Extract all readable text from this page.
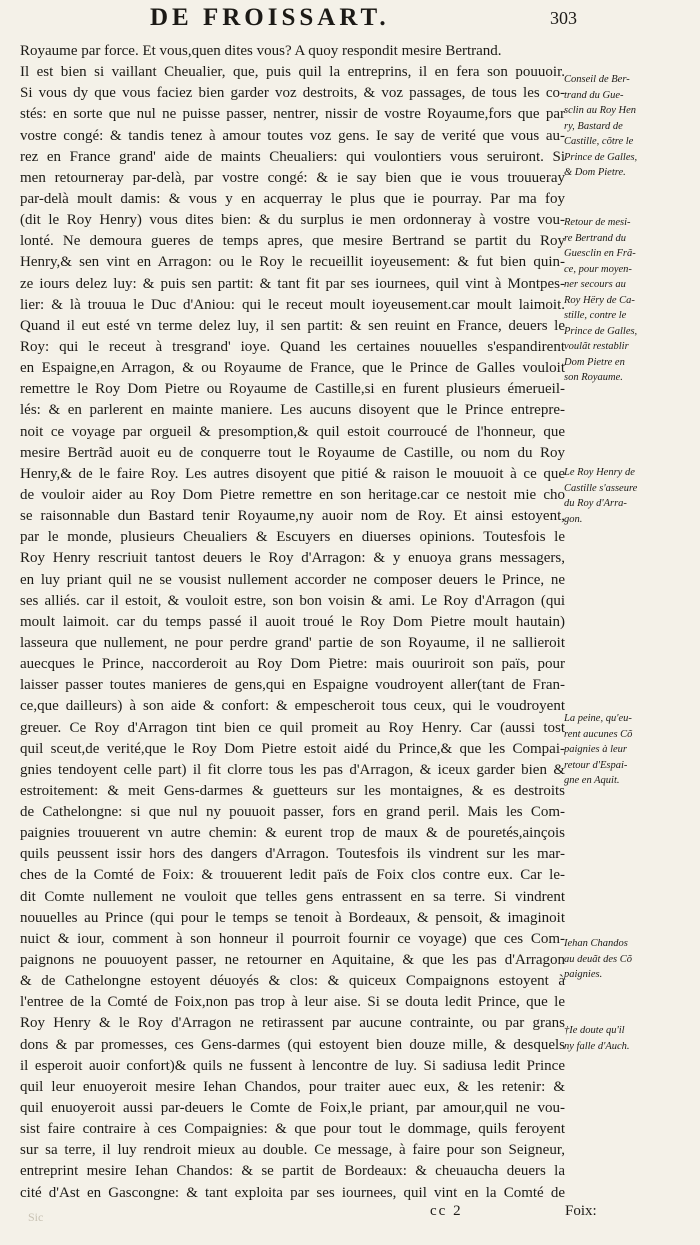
DE FROISSART.	303
Royaume par force. Et vous,quen dites vous? A quoy respondit mesire Bertrand.
Il est bien si vaillant Cheualier, que, puis quil la entreprins, il en fera son pouuoir.
Si vous dy que vous faciez bien garder voz destroits, & voz passages, de tous les co-
stés: en sorte que nul ne puisse passer, nentrer, nissir de vostre Royaume,fors que par
vostre congé: & tandis tenez à amour toutes voz gens. Ie say de verité que vous au-
rez en France grand' aide de maints Cheualiers: qui voulontiers vous seruiront. Si
men retourneray par-delà, par vostre congé: & ie say bien que ie vous trouueray
par-delà moult damis: & vous y en acquerray le plus que ie pourray. Par ma foy
(dit le Roy Henry) vous dites bien: & du surplus ie men ordonneray à vostre vou-
lonté. Ne demoura gueres de temps apres, que mesire Bertrand se partit du Roy
Henry,& sen vint en Arragon: ou le Roy le recueillit ioyeusement: & fut bien quin-
ze iours delez luy: & puis sen partit: & tant fit par ses iournees, quil vint à Montpes-
lier: & là trouua le Duc d'Aniou: qui le receut moult ioyeusement.car moult laimoit.
Quand il eut esté vn terme delez luy, il sen partit: & sen reuint en France, deuers le
Roy: qui le receut à tresgrand' ioye. Quand les certaines nouuelles s'espandirent
en Espaigne,en Arragon, & ou Royaume de France, que le Prince de Galles vouloit
remettre le Roy Dom Pietre ou Royaume de Castille,si en furent plusieurs émerueil-
lés: & en parlerent en mainte maniere. Les aucuns disoyent que le Prince entrepre-
noit ce voyage par orgueil & presomption,& quil estoit courroucé de l'honneur, que
mesire Bertrãd auoit eu de conquerre tout le Royaume de Castille, ou nom du Roy
Henry,& de le faire Roy. Les autres disoyent que pitié & raison le mouuoit à ce que
de vouloir aider au Roy Dom Pietre remettre en son heritage.car ce nestoit mie cho
se raisonnable dun Bastard tenir Royaume,ny auoir nom de Roy. Et ainsi estoyent,
par le monde, plusieurs Cheualiers & Escuyers en diuerses opinions. Toutesfois le
Roy Henry rescriuit tantost deuers le Roy d'Arragon: & y enuoya grans messagers,
en luy priant quil ne se vousist nullement accorder ne composer deuers le Prince, ne
ses alliés. car il estoit, & vouloit estre, son bon voisin & ami. Le Roy d'Arragon (qui
moult laimoit. car du temps passé il auoit troué le Roy Dom Pietre moult hautain)
lasseura que nullement, ne pour perdre grand' partie de son Royaume, il ne sallieroit
auecques le Prince, naccorderoit au Roy Dom Pietre: mais ouuriroit son païs, pour
laisser passer toutes manieres de gens,qui en Espaigne voudroyent aller(tant de Fran-
ce,que dailleurs) à son aide & confort: & empescheroit tous ceux, qui le voudroyent
greuer. Ce Roy d'Arragon tint bien ce quil promeit au Roy Henry. Car (aussi tost
quil sceut,de verité,que le Roy Dom Pietre estoit aidé du Prince,& que les Compai-
gnies tendoyent celle part) il fit clorre tous les pas d'Arragon, & iceux garder bien &
estroitement: & meit Gens-darmes & guetteurs sur les montaignes, & es destroits
de Cathelongne: si que nul ny pouuoit passer, fors en grand peril. Mais les Com-
paignies trouuerent vn autre chemin: & eurent trop de maux & de pouretés,ainçois
quils peussent issir hors des dangers d'Arragon. Toutesfois ils vindrent sur les mar-
ches de la Comté de Foix: & trouuerent ledit païs de Foix clos contre eux. Car le-
dit Comte nullement ne vouloit que telles gens entrassent en sa terre. Si vindrent
nouuelles au Prince (qui pour le temps se tenoit à Bordeaux, & pensoit, & imaginoit
nuict & iour, comment à son honneur il pourroit fournir ce voyage) que ces Com-
paignons ne pouuoyent passer, ne retourner en Aquitaine, & que les pas d'Arragon
& de Cathelongne estoyent déuoyés & clos: & quiceux Compaignons estoyent à
l'entree de la Comté de Foix,non pas trop à leur aise. Si se douta ledit Prince, que le
Roy Henry & le Roy d'Arragon ne retirassent par aucune contrainte, ou par grans
dons & par promesses, ces Gens-darmes (qui estoyent bien douze mille, & desquels
il esperoit auoir confort)& quils ne fussent à lencontre de luy. Si sadiusa ledit Prince
quil leur enuoyeroit mesire Iehan Chandos, pour traiter auec eux, & les retenir: &
quil enuoyeroit aussi par-deuers le Comte de Foix,le priant, par amour,quil ne vou-
sist faire contraire à ces Compaignies: & que pour tout le dommage, quils feroyent
sur sa terre, il luy rendroit mieux au double. Ce message, à faire pour son Seigneur,
entreprint mesire Iehan Chandos: & se partit de Bordeaux: & cheuaucha deuers la
cité d'Ast en Gascongne: & tant exploita par ses iournees, quil vint en la Comté de
Conseil de Ber-
trand du Gue-
sclin au Roy Hen
ry, Bastard de
Castille, cõtre le
Prince de Galles,
& Dom Pietre.
Retour de mesi-
re Bertrand du
Guesclin en Frã-
ce, pour moyen-
ner secours au
Roy Hëry de Ca-
stille, contre le
Prince de Galles,
voulãt restablir
Dom Pietre en
son Royaume.
Le Roy Henry de
Castille s'asseure
du Roy d'Arra-
gon.
La peine, qu'eu-
rent aucunes Cõ
paignies à leur
retour d'Espai-
gne en Aquit.
Iehan Chandos
au deuãt des Cõ
paignies.
†Ie doute qu'il
ny falle d'Auch.
Sic	cc 2	Foix:
